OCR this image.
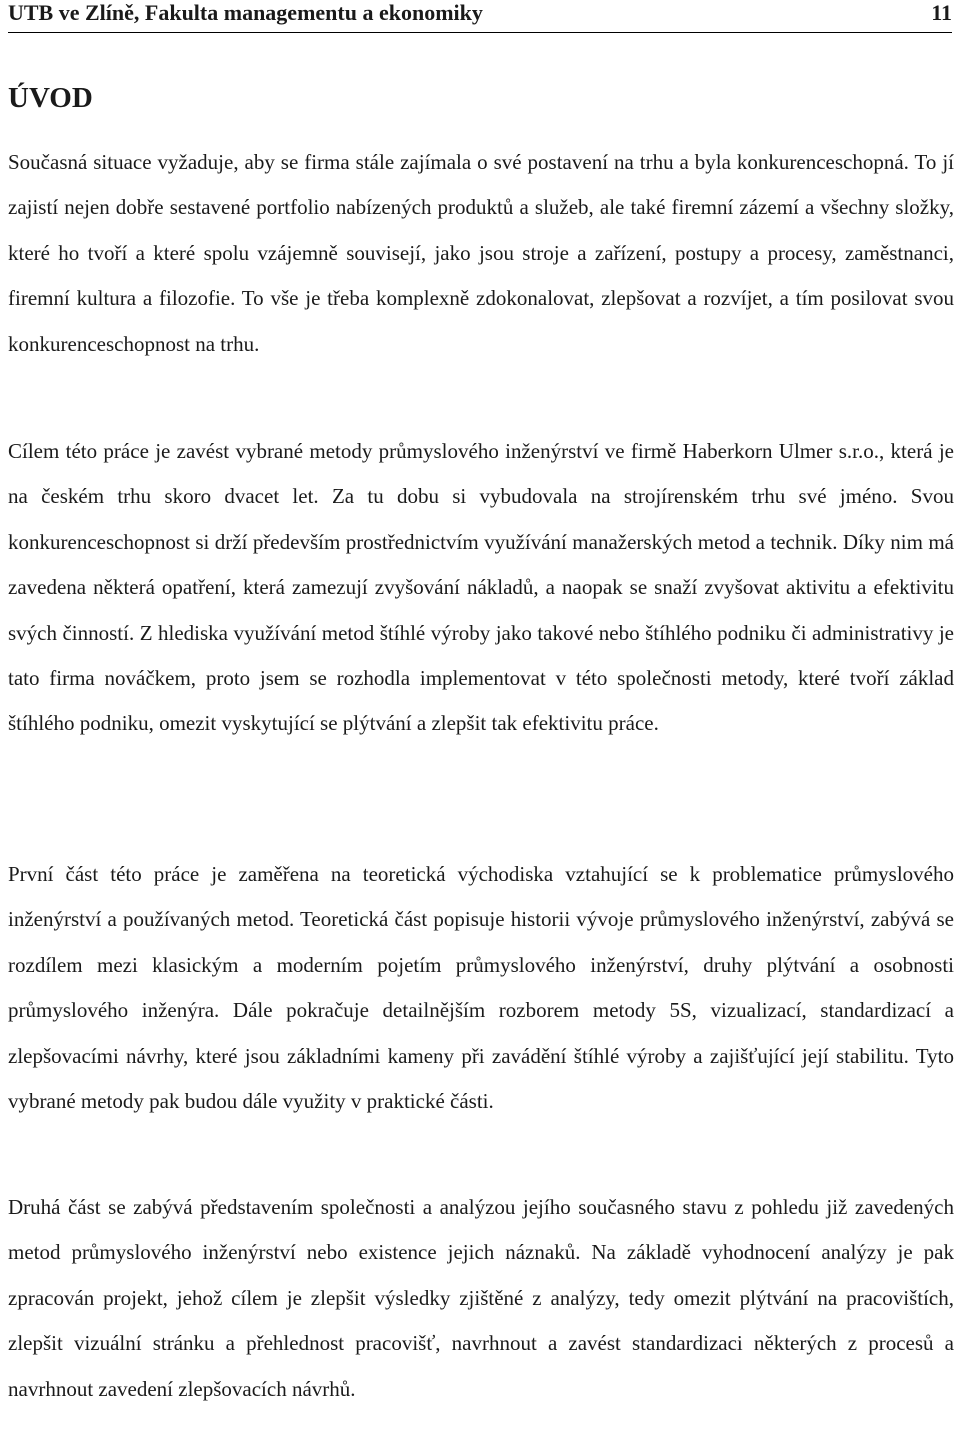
UTB ve Zlíně, Fakulta managementu a ekonomiky	11
ÚVOD

Současná situace vyžaduje, aby se firma stále zajímala o své postavení na trhu a byla konkurenceschopná. To jí zajistí nejen dobře sestavené portfolio nabízených produktů a služeb, ale také firemní zázemí a všechny složky, které ho tvoří a které spolu vzájemně souvisejí, jako jsou stroje a zařízení, postupy a procesy, zaměstnanci, firemní kultura a filozofie. To vše je třeba komplexně zdokonalovat, zlepšovat a rozvíjet, a tím posilovat svou konkurenceschopnost na trhu.

Cílem této práce je zavést vybrané metody průmyslového inženýrství ve firmě Haberkorn Ulmer s.r.o., která je na českém trhu skoro dvacet let. Za tu dobu si vybudovala na strojírenském trhu své jméno. Svou konkurenceschopnost si drží především prostřednictvím využívání manažerských metod a technik. Díky nim má zavedena některá opatření, která zamezují zvyšování nákladů, a naopak se snaží zvyšovat aktivitu a efektivitu svých činností. Z hlediska využívání metod štíhlé výroby jako takové nebo štíhlého podniku či administrativy je tato firma nováčkem, proto jsem se rozhodla implementovat v této společnosti metody, které tvoří základ štíhlého podniku, omezit vyskytující se plýtvání a zlepšit tak efektivitu práce.

První část této práce je zaměřena na teoretická východiska vztahující se k problematice průmyslového inženýrství a používaných metod. Teoretická část popisuje historii vývoje průmyslového inženýrství, zabývá se rozdílem mezi klasickým a moderním pojetím průmyslového inženýrství, druhy plýtvání a osobnosti průmyslového inženýra. Dále pokračuje detailnějším rozborem metody 5S, vizualizací, standardizací a zlepšovacími návrhy, které jsou základními kameny při zavádění štíhlé výroby a zajišťující její stabilitu. Tyto vybrané metody pak budou dále využity v praktické části.

Druhá část se zabývá představením společnosti a analýzou jejího současného stavu z pohledu již zavedených metod průmyslového inženýrství nebo existence jejich náznaků. Na základě vyhodnocení analýzy je pak zpracován projekt, jehož cílem je zlepšit výsledky zjištěné z analýzy, tedy omezit plýtvání na pracovištích, zlepšit vizuální stránku a přehlednost pracovišť, navrhnout a zavést standardizaci některých z procesů a navrhnout zavedení zlepšovacích návrhů.
